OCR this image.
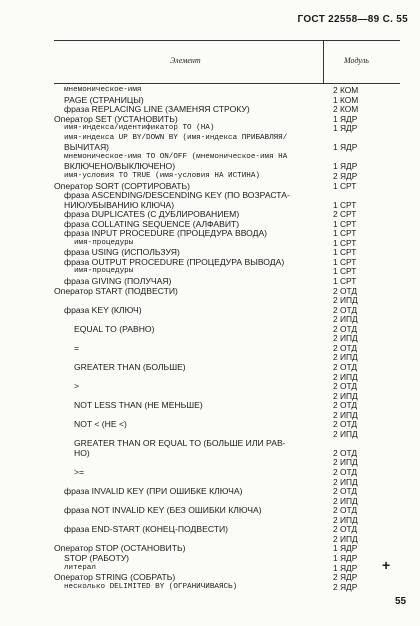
ГОСТ 22558—89 С. 55
Элемент	Модуль
мнемоническое-имя	2 КОМ
PAGE (СТРАНИЦЫ)	1 КОМ
фраза REPLACING LINE (ЗАМЕНЯЯ СТРОКУ)	2 КОМ
Оператор SET (УСТАНОВИТЬ)	1 ЯДР
имя-индекса/идентификатор TO (НА)	1 ЯДР
имя-индекса UP BY/DOWN BY (имя-индекса ПРИБАВЛЯЯ/
ВЫЧИТАЯ)	1 ЯДР
мнемоническое-имя TO ON/OFF (мнемоническое-имя НА
ВКЛЮЧЕНО/ВЫКЛЮЧЕНО)	1 ЯДР
имя-условия TO TRUE (имя-условия НА ИСТИНА)	2 ЯДР
Оператор SORT (СОРТИРОВАТЬ)	1 СРТ
фраза ASCENDING/DESCENDING KEY (ПО ВОЗРАСТА-
НИЮ/УБЫВАНИЮ КЛЮЧА)	1 СРТ
фраза DUPLICATES (С ДУБЛИРОВАНИЕМ)	2 СРТ
фраза COLLATING SEQUENCE (АЛФАВИТ)	1 СРТ
фраза INPUT PROCEDURE (ПРОЦЕДУРА ВВОДА)	1 СРТ
имя-процедуры	1 СРТ
фраза USING (ИСПОЛЬЗУЯ)	1 СРТ
фраза OUTPUT PROCEDURE (ПРОЦЕДУРА ВЫВОДА)	1 СРТ
имя-процедуры	1 СРТ
фраза GIVING (ПОЛУЧАЯ)	1 СРТ
Оператор START (ПОДВЕСТИ)	2 ОТД
2 ИПД
фраза KEY (КЛЮЧ)	2 ОТД
2 ИПД
EQUAL TO (РАВНО)	2 ОТД
2 ИПД
=	2 ОТД
2 ИПД
GREATER THAN (БОЛЬШЕ)	2 ОТД
2 ИПД
>	2 ОТД
2 ИПД
NOT LESS THAN (НЕ МЕНЬШЕ)	2 ОТД
2 ИПД
NOT < (НЕ <)	2 ОТД
2 ИПД
GREATER THAN OR EQUAL TO (БОЛЬШЕ ИЛИ РАВ-
НО)	2 ОТД
2 ИПД
>=	2 ОТД
2 ИПД
фраза INVALID KEY (ПРИ ОШИБКЕ КЛЮЧА)	2 ОТД
2 ИПД
фраза NOT INVALID KEY (БЕЗ ОШИБКИ КЛЮЧА)	2 ОТД
2 ИПД
фраза END-START (КОНЕЦ-ПОДВЕСТИ)	2 ОТД
2 ИПД
Оператор STOP (ОСТАНОВИТЬ)	1 ЯДР
STOP (РАБОТУ)	1 ЯДР
литерал	1 ЯДР +
Оператор STRING (СОБРАТЬ)	2 ЯДР
несколько DELIMITED BY (ОГРАНИЧИВАЯСЬ)	2 ЯДР
55
